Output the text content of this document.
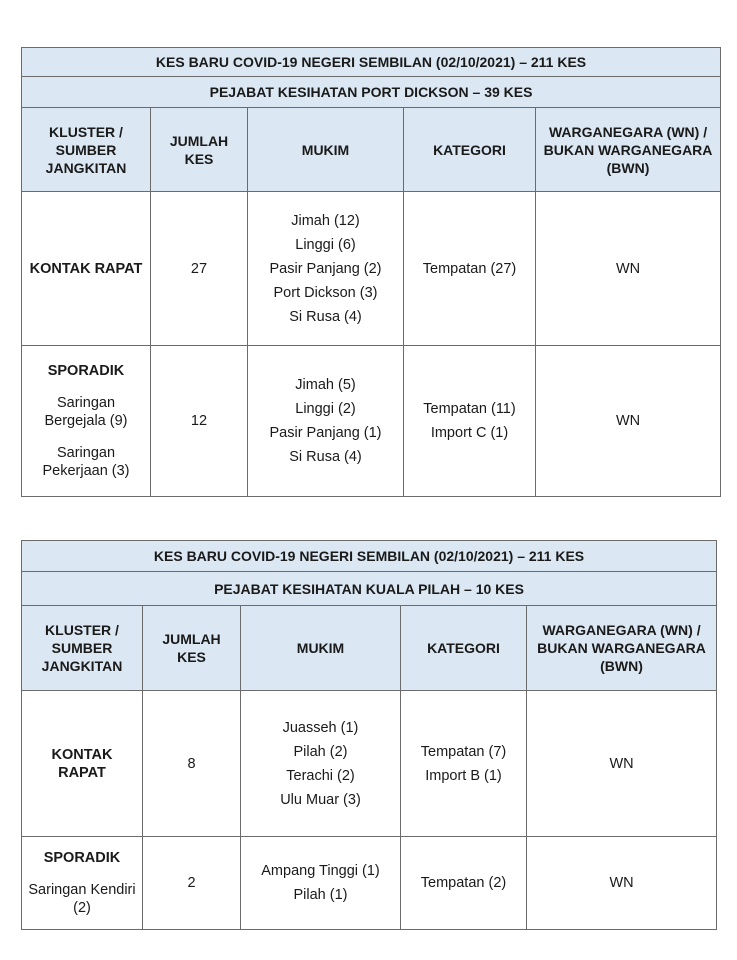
KES BARU COVID-19 NEGERI SEMBILAN (02/10/2021) – 211 KES				
PEJABAT KESIHATAN PORT DICKSON – 39 KES				
KLUSTER / SUMBER JANGKITAN	JUMLAH KES	MUKIM	KATEGORI	WARGANEGARA (WN) / BUKAN WARGANEGARA (BWN)
KONTAK RAPAT	27	Jimah (12)
Linggi (6)
Pasir Panjang (2)
Port Dickson (3)
Si Rusa (4)	Tempatan (27)	WN

SPORADIK
Saringan Bergejala (9)
Saringan Pekerjaan (3)	12	Jimah (5)
Linggi (2)
Pasir Panjang (1)
Si Rusa (4)	Tempatan (11)
Import C (1)	WN
KES BARU COVID-19 NEGERI SEMBILAN (02/10/2021) – 211 KES				
PEJABAT KESIHATAN KUALA PILAH – 10 KES				
KLUSTER / SUMBER JANGKITAN	JUMLAH KES	MUKIM	KATEGORI	WARGANEGARA (WN) / BUKAN WARGANEGARA (BWN)
KONTAK RAPAT	8	Juasseh (1)
Pilah (2)
Terachi (2)
Ulu Muar (3)	Tempatan (7)
Import B (1)	WN

SPORADIK
Saringan Kendiri (2)	2	Ampang Tinggi (1)
Pilah (1)	Tempatan (2)	WN
